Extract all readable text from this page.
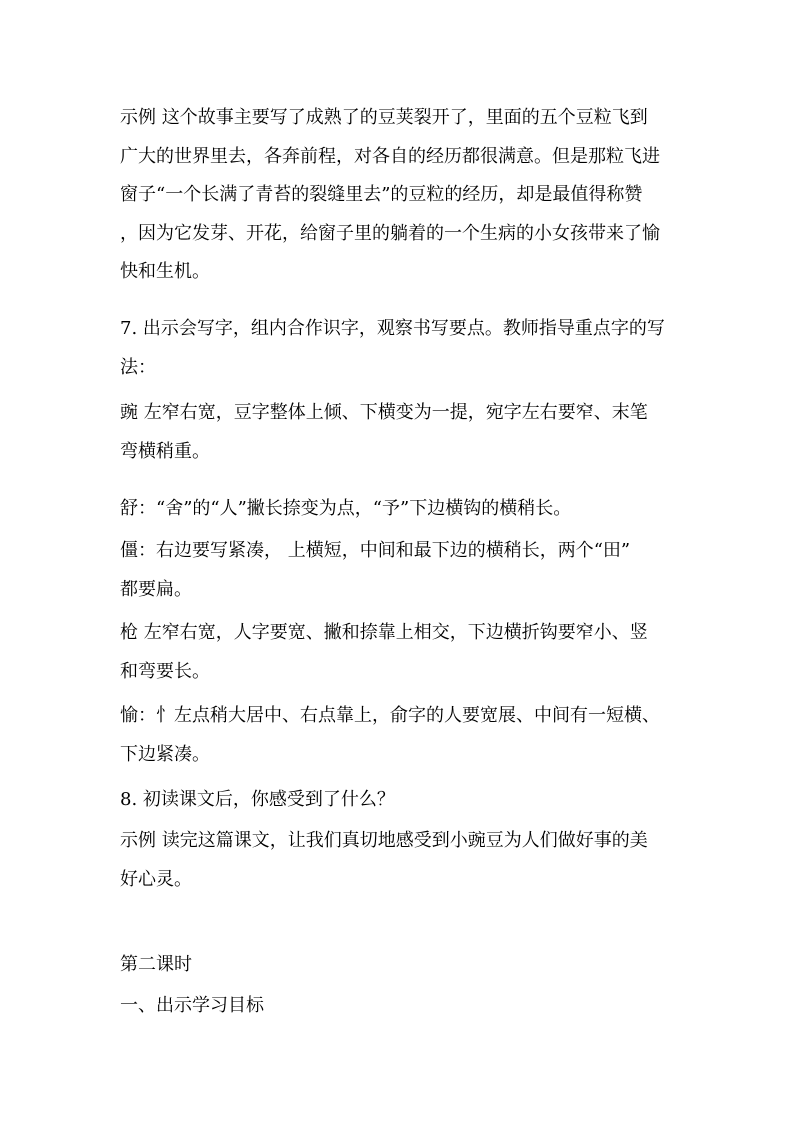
示例 这个故事主要写了成熟了的豆荚裂开了，里面的五个豆粒飞到
广大的世界里去，各奔前程，对各自的经历都很满意。但是那粒飞进
窗子“一个长满了青苔的裂缝里去”的豆粒的经历，却是最值得称赞
，因为它发芽、开花，给窗子里的躺着的一个生病的小女孩带来了愉
快和生机。
7. 出示会写字，组内合作识字，观察书写要点。教师指导重点字的写
法：
豌 左窄右宽，豆字整体上倾、下横变为一提，宛字左右要窄、末笔
弯横稍重。
舒：“舍”的“人”撇长捺变为点，“予”下边横钩的横稍长。
僵：右边要写紧凑， 上横短，中间和最下边的横稍长，两个“田”
都要扁。
枪 左窄右宽，人字要宽、撇和捺靠上相交，下边横折钩要窄小、竖
和弯要长。
愉：忄左点稍大居中、右点靠上，俞字的人要宽展、中间有一短横、
下边紧凑。
8. 初读课文后，你感受到了什么？
示例 读完这篇课文，让我们真切地感受到小豌豆为人们做好事的美
好心灵。
第二课时
一、出示学习目标
